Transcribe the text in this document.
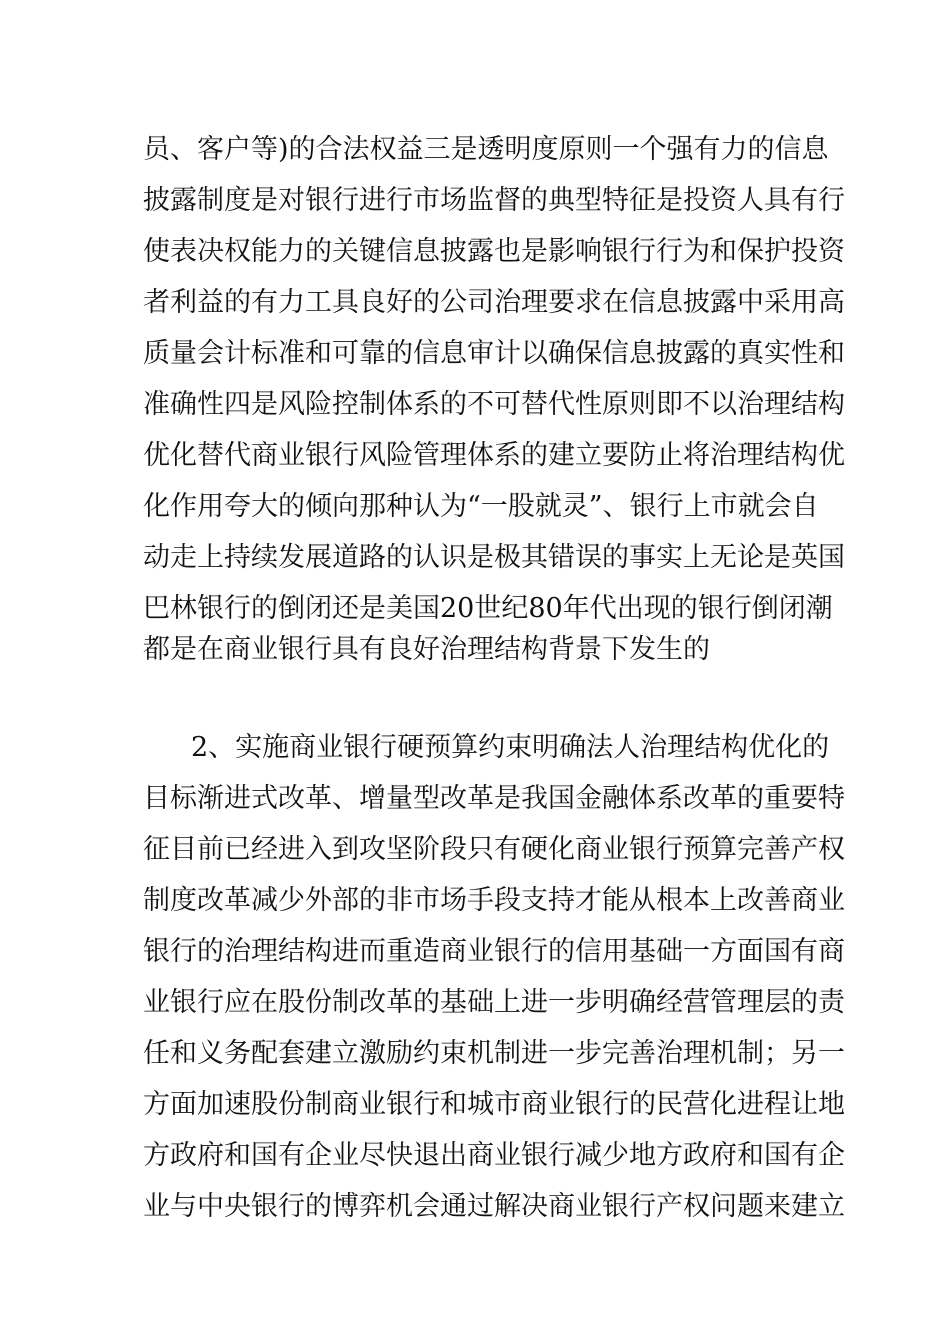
员、客户等)的合法权益三是透明度原则一个强有力的信息
披露制度是对银行进行市场监督的典型特征是投资人具有行
使表决权能力的关键信息披露也是影响银行行为和保护投资
者利益的有力工具良好的公司治理要求在信息披露中采用高
质量会计标准和可靠的信息审计以确保信息披露的真实性和
准确性四是风险控制体系的不可替代性原则即不以治理结构
优化替代商业银行风险管理体系的建立要防止将治理结构优
化作用夸大的倾向那种认为“一股就灵”、银行上市就会自
动走上持续发展道路的认识是极其错误的事实上无论是英国
巴林银行的倒闭还是美国20世纪80年代出现的银行倒闭潮
都是在商业银行具有良好治理结构背景下发生的
2、实施商业银行硬预算约束明确法人治理结构优化的
目标渐进式改革、增量型改革是我国金融体系改革的重要特
征目前已经进入到攻坚阶段只有硬化商业银行预算完善产权
制度改革减少外部的非市场手段支持才能从根本上改善商业
银行的治理结构进而重造商业银行的信用基础一方面国有商
业银行应在股份制改革的基础上进一步明确经营管理层的责
任和义务配套建立激励约束机制进一步完善治理机制；另一
方面加速股份制商业银行和城市商业银行的民营化进程让地
方政府和国有企业尽快退出商业银行减少地方政府和国有企
业与中央银行的博弈机会通过解决商业银行产权问题来建立
